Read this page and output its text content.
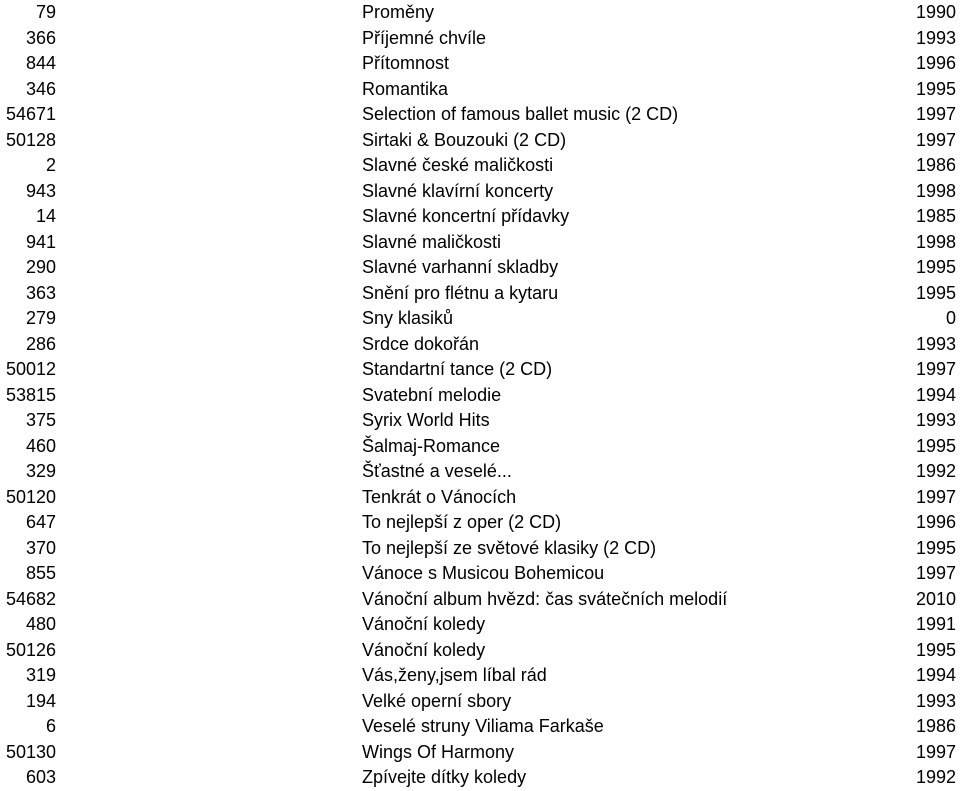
79	Proměny	1990
366	Příjemné chvíle	1993
844	Přítomnost	1996
346	Romantika	1995
54671	Selection of famous ballet music (2 CD)	1997
50128	Sirtaki & Bouzouki (2 CD)	1997
2	Slavné české maličkosti	1986
943	Slavné klavírní koncerty	1998
14	Slavné koncertní přídavky	1985
941	Slavné maličkosti	1998
290	Slavné varhanní skladby	1995
363	Snění pro flétnu a kytaru	1995
279	Sny klasiků	0
286	Srdce dokořán	1993
50012	Standartní tance (2 CD)	1997
53815	Svatební melodie	1994
375	Syrix World Hits	1993
460	Šalmaj-Romance	1995
329	Šťastné a veselé...	1992
50120	Tenkrát o Vánocích	1997
647	To nejlepší z oper (2 CD)	1996
370	To nejlepší ze světové klasiky (2 CD)	1995
855	Vánoce s Musicou Bohemicou	1997
54682	Vánoční album hvězd: čas svátečních melodií	2010
480	Vánoční koledy	1991
50126	Vánoční koledy	1995
319	Vás,ženy,jsem líbal rád	1994
194	Velké operní sbory	1993
6	Veselé struny Viliama Farkaše	1986
50130	Wings Of Harmony	1997
603	Zpívejte dítky koledy	1992
